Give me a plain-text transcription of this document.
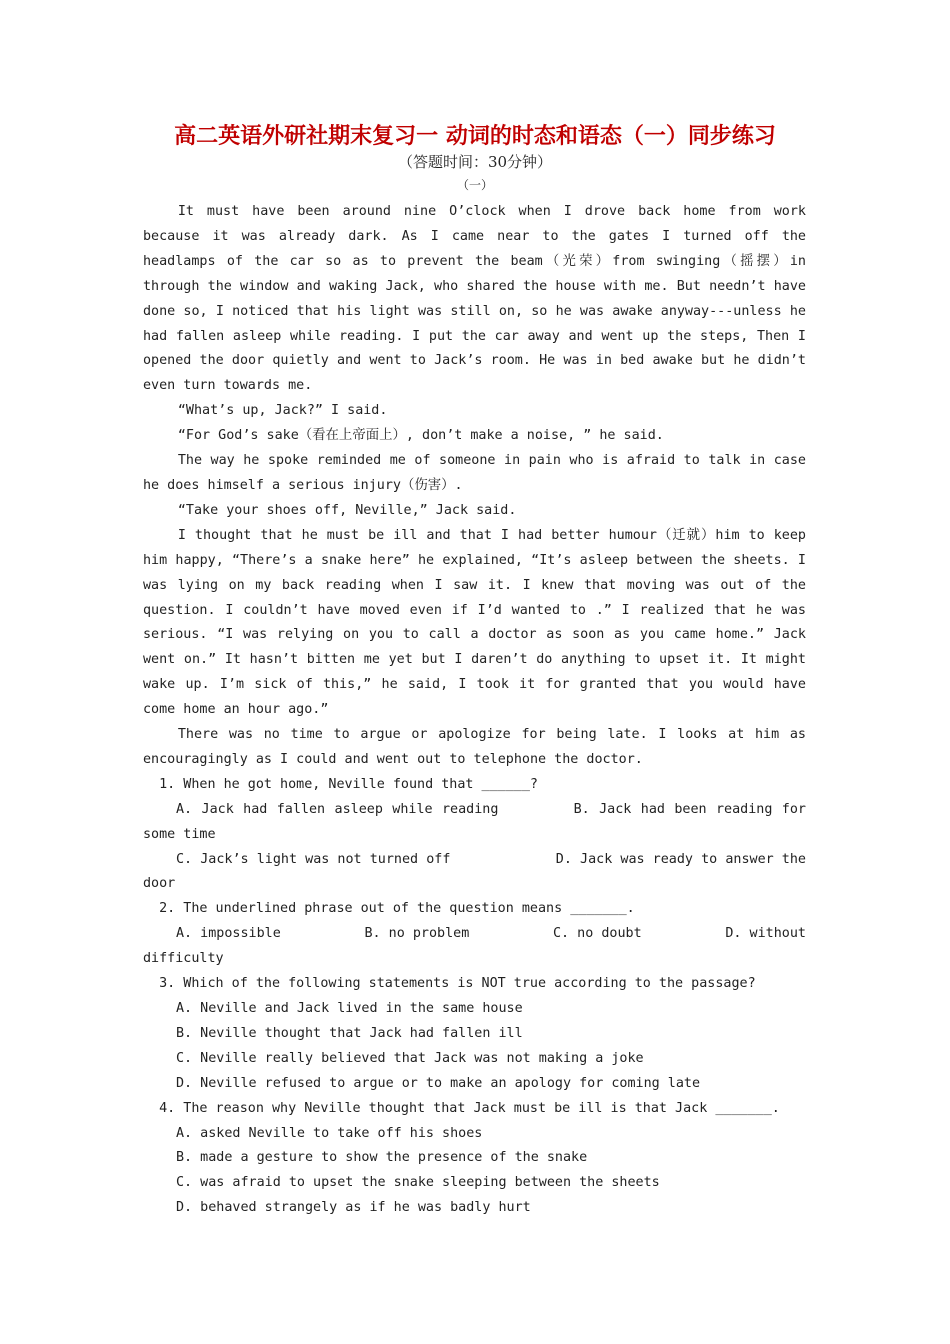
高二英语外研社期末复习一 动词的时态和语态（一）同步练习
（答题时间：30分钟）
（一）

It must have been around nine O’clock when I drove back home from work because it was already dark. As I came near to the gates I turned off the headlamps of the car so as to prevent the beam（光荣）from swinging（摇摆）in through the window and waking Jack, who shared the house with me. But needn’t have done so, I noticed that his light was still on, so he was awake anyway---unless he had fallen asleep while reading. I put the car away and went up the steps, Then I opened the door quietly and went to Jack’s room. He was in bed awake but he didn’t even turn towards me.

“What’s up, Jack?” I said.

“For God’s sake（看在上帝面上）, don’t make a noise, ” he said.

The way he spoke reminded me of someone in pain who is afraid to talk in case he does himself a serious injury（伤害）.

“Take your shoes off, Neville,” Jack said.

I thought that he must be ill and that I had better humour（迁就）him to keep him happy, “There’s a snake here” he explained, “It’s asleep between the sheets. I was lying on my back reading when I saw it. I knew that moving was out of the question. I couldn’t have moved even if I’d wanted to .” I realized that he was serious. “I was relying on you to call a doctor as soon as you came home.” Jack went on.” It hasn’t bitten me yet but I daren’t do anything to upset it. It might wake up. I’m sick of this,” he said, I took it for granted that you would have come home an hour ago.”

There was no time to argue or apologize for being late. I looks at him as encouragingly as I could and went out to telephone the doctor.

1. When he got home, Neville found that ______?

A. Jack had fallen asleep while reading        B. Jack had been reading for some time

C. Jack’s light was not turned off             D. Jack was ready to answer the door

2. The underlined phrase out of the question means _______.

A. impossible	B. no problem	C. no doubt	D. without

difficulty

3. Which of the following statements is NOT true according to the passage?

A. Neville and Jack lived in the same house

B. Neville thought that Jack had fallen ill

C. Neville really believed that Jack was not making a joke

D. Neville refused to argue or to make an apology for coming late

4. The reason why Neville thought that Jack must be ill is that Jack _______.

A. asked Neville to take off his shoes

B. made a gesture to show the presence of the snake

C. was afraid to upset the snake sleeping between the sheets

D. behaved strangely as if he was badly hurt
